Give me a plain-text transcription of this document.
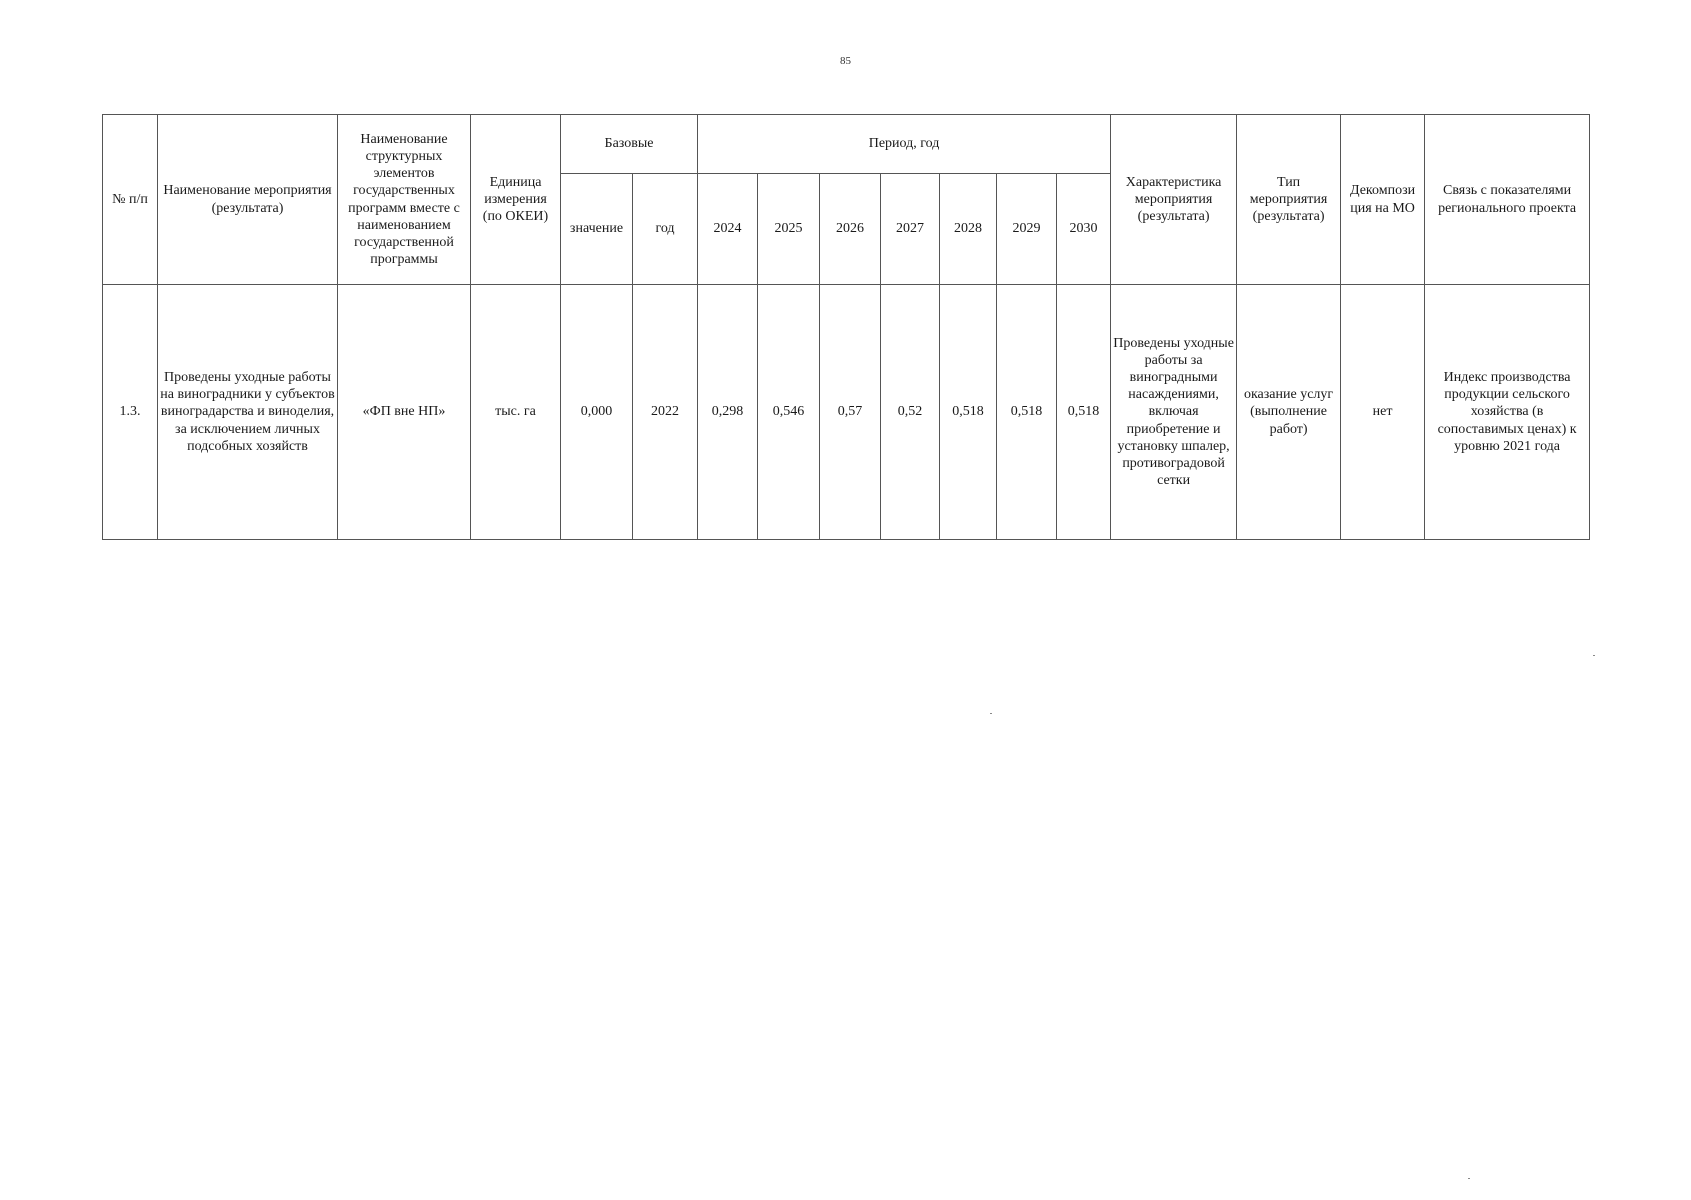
85
№ п/п	Наименование мероприятия (результата)	Наименование структурных элементов государственных программ вместе с наименованием государственной программы	Единица измерения (по ОКЕИ)	Базовые		Период, год							Характеристика мероприятия (результата)	Тип мероприятия (результата)	Декомпози ция на МО	Связь с показателями регионального проекта
				значение	год	2024	2025	2026	2027	2028	2029	2030				
1.3.	Проведены уходные работы на виноградники у субъектов виноградарства и виноделия, за исключением личных подсобных хозяйств	«ФП вне НП»	тыс. га	0,000	2022	0,298	0,546	0,57	0,52	0,518	0,518	0,518	Проведены уходные работы за виноградными насаждениями, включая приобретение и установку шпалер, противоградовой сетки	оказание услуг (выполнение работ)	нет	Индекс производства продукции сельского хозяйства (в сопоставимых ценах) к уровню 2021 года
